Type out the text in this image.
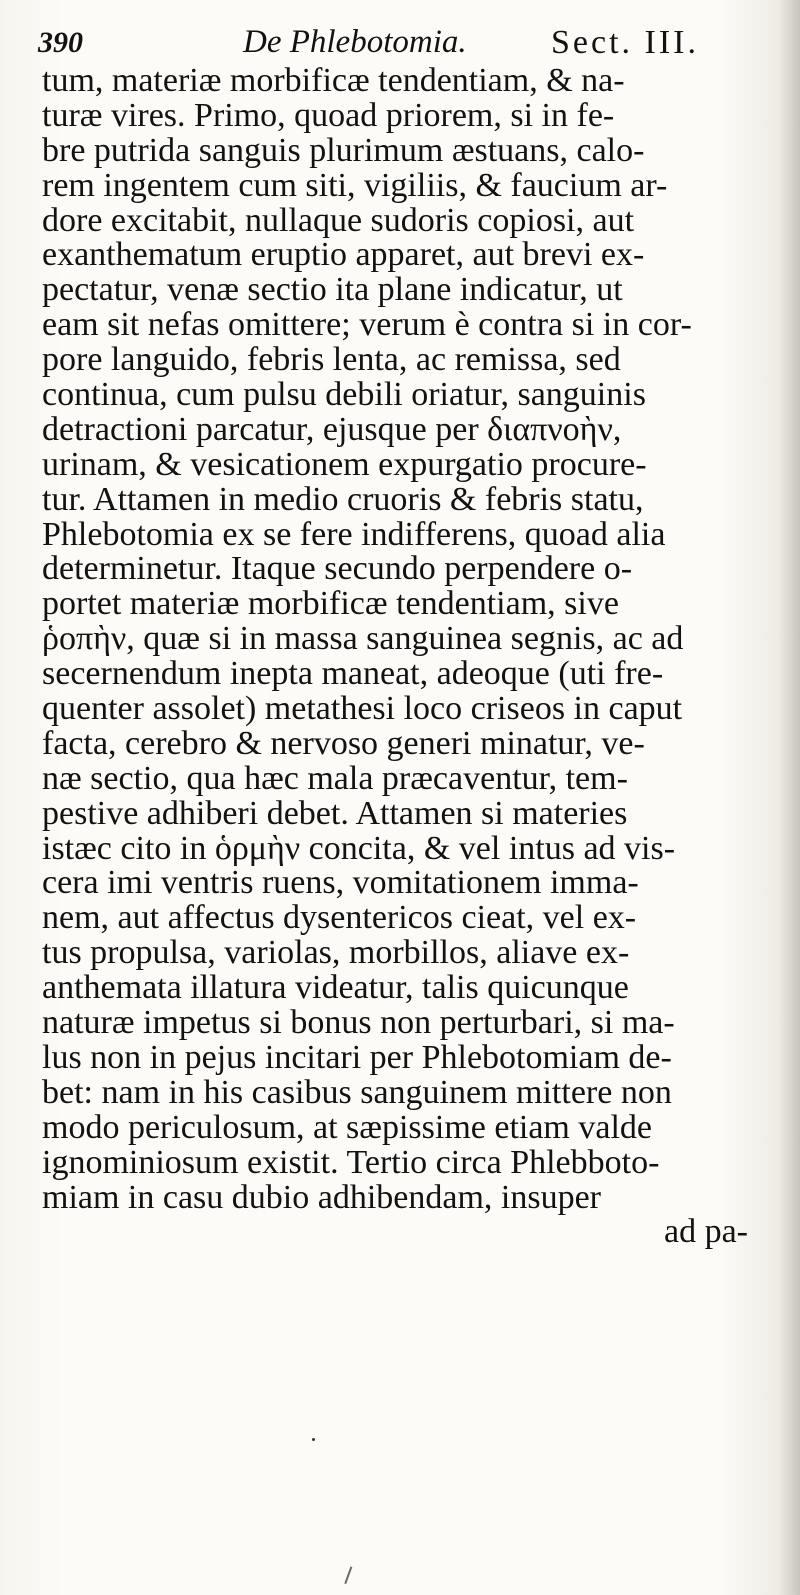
390	De Phlebotomia. Sect. III.
tum, materiæ morbificæ tendentiam, & na-
turæ vires. Primo, quoad priorem, si in fe-
bre putrida sanguis plurimum æstuans, calo-
rem ingentem cum siti, vigiliis, & faucium ar-
dore excitabit, nullaque sudoris copiosi, aut
exanthematum eruptio apparet, aut brevi ex-
pectatur, venæ sectio ita plane indicatur, ut
eam sit nefas omittere; verum è contra si in cor-
pore languido, febris lenta, ac remissa, sed
continua, cum pulsu debili oriatur, sanguinis
detractioni parcatur, ejusque per διαπνοὴν,
urinam, & vesicationem expurgatio procure-
tur. Attamen in medio cruoris & febris statu,
Phlebotomia ex se fere indifferens, quoad alia
determinetur. Itaque secundo perpendere o-
portet materiæ morbificæ tendentiam, sive
ῥοπὴν, quæ si in massa sanguinea segnis, ac ad
secernendum inepta maneat, adeoque (uti fre-
quenter assolet) metathesi loco criseos in caput
facta, cerebro & nervoso generi minatur, ve-
næ sectio, qua hæc mala præcaventur, tem-
pestive adhiberi debet. Attamen si materies
istæc cito in ὁρμὴν concita, & vel intus ad vis-
cera imi ventris ruens, vomitationem imma-
nem, aut affectus dysentericos cieat, vel ex-
tus propulsa, variolas, morbillos, aliave ex-
anthemata illatura videatur, talis quicunque
naturæ impetus si bonus non perturbari, si ma-
lus non in pejus incitari per Phlebotomiam de-
bet: nam in his casibus sanguinem mittere non
modo periculosum, at sæpissime etiam valde
ignominiosum existit. Tertio circa Phlebboto-
miam in casu dubio adhibendam, insuper
ad pa-
